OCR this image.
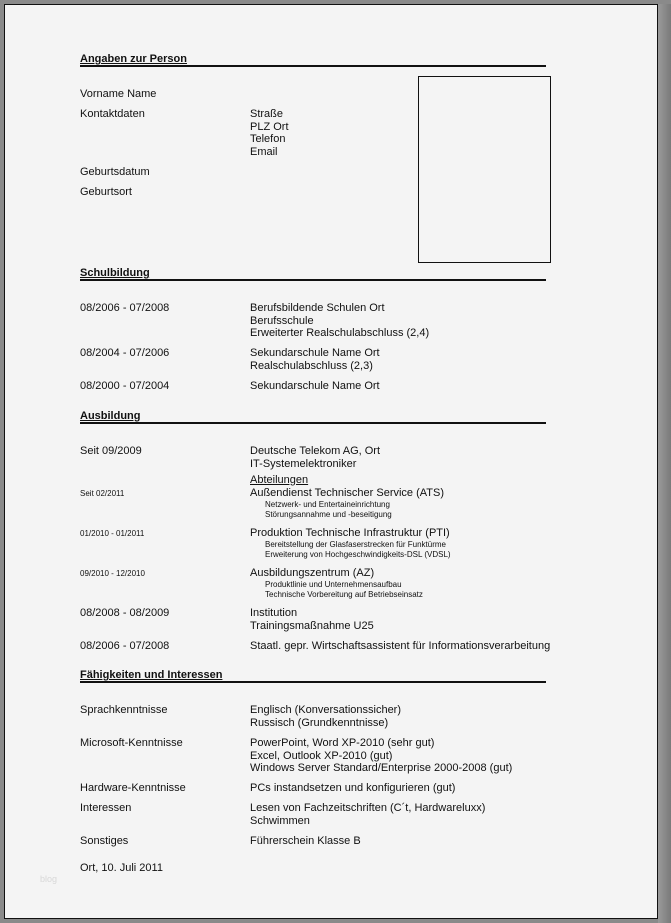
Angaben zur Person
Vorname Name
Kontaktdaten	Straße
PLZ Ort
Telefon
Email
Geburtsdatum
Geburtsort
Schulbildung
08/2006 - 07/2008	Berufsbildende Schulen Ort
Berufsschule
Erweiterter Realschulabschluss (2,4)
08/2004 - 07/2006	Sekundarschule Name Ort
Realschulabschluss (2,3)
08/2000 - 07/2004	Sekundarschule Name Ort
Ausbildung
Seit 09/2009	Deutsche Telekom AG, Ort
IT-Systemelektroniker
Abteilungen
Seit 02/2011	Außendienst Technischer Service (ATS)
Netzwerk- und Entertaineinrichtung
Störungsannahme und -beseitigung
01/2010 - 01/2011	Produktion Technische Infrastruktur (PTI)
Bereitstellung der Glasfaserstrecken für Funktürme
Erweiterung von Hochgeschwindigkeits-DSL (VDSL)
09/2010 - 12/2010	Ausbildungszentrum (AZ)
Produktlinie und Unternehmensaufbau
Technische Vorbereitung auf Betriebseinsatz
08/2008 - 08/2009	Institution
Trainingsmaßnahme U25
08/2006 - 07/2008	Staatl. gepr. Wirtschaftsassistent für Informationsverarbeitung
Fähigkeiten und Interessen
Sprachkenntnisse	Englisch (Konversationssicher)
Russisch (Grundkenntnisse)
Microsoft-Kenntnisse	PowerPoint, Word XP-2010 (sehr gut)
Excel, Outlook XP-2010 (gut)
Windows Server Standard/Enterprise 2000-2008 (gut)
Hardware-Kenntnisse	PCs instandsetzen und konfigurieren (gut)
Interessen	Lesen von Fachzeitschriften (C´t, Hardwareluxx)
Schwimmen
Sonstiges	Führerschein Klasse B
Ort, 10. Juli 2011
blog
